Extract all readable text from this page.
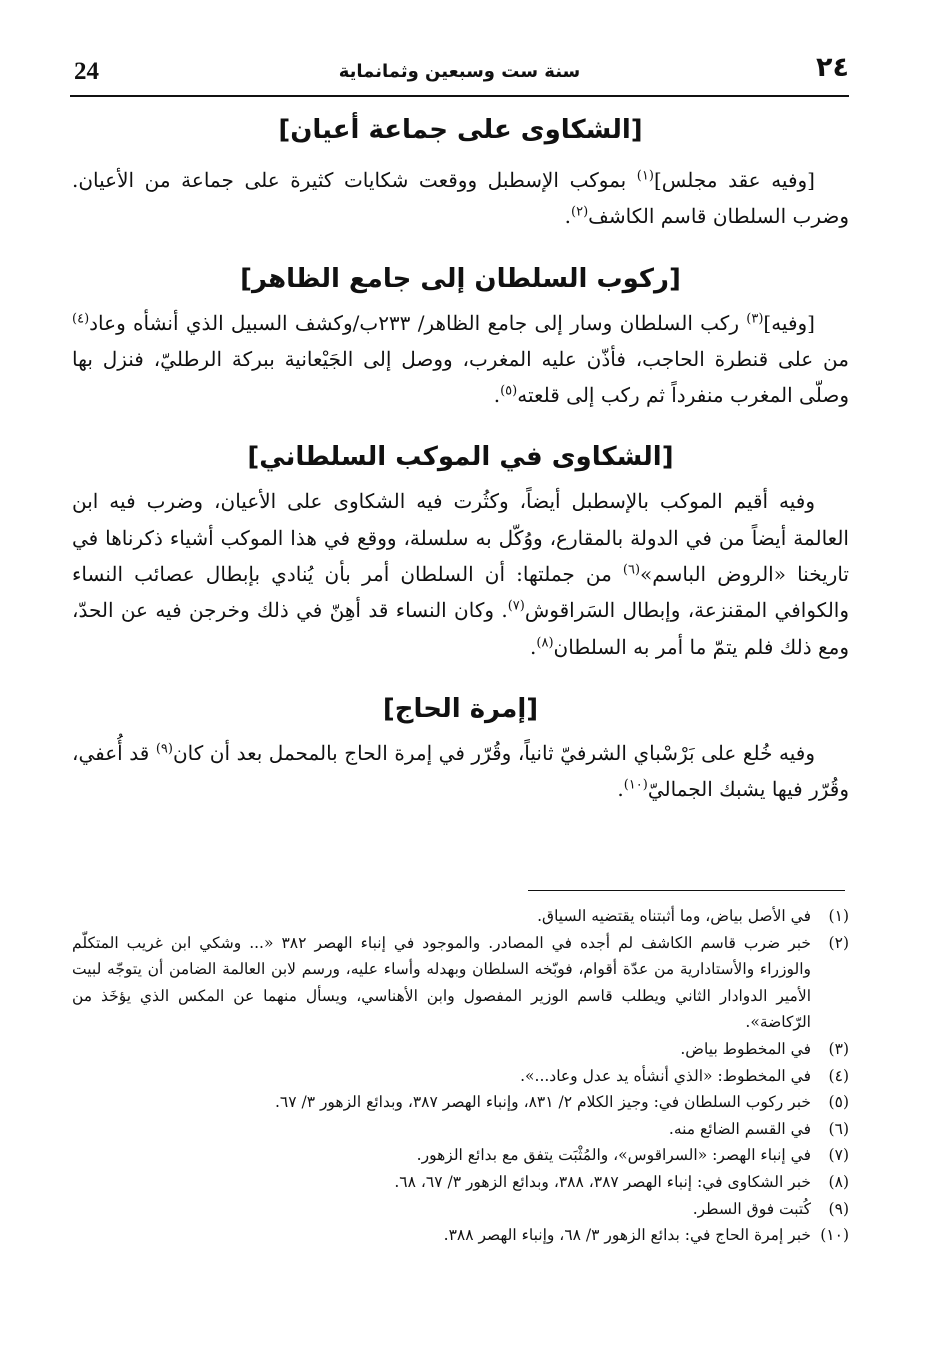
24	سنة ست وسبعين وثمانماية	٢٤
[الشكاوى على جماعة أعيان]

[وفيه عقد مجلس]$^{(١)}$ بموكب الإسطبل ووقعت شكايات كثيرة على جماعة من الأعيان. وضرب السلطان قاسم الكاشف$^{(٢)}$.

[ركوب السلطان إلى جامع الظاهر]

[وفيه]$^{(٣)}$ ركب السلطان وسار إلى جامع الظاهر/ ٢٣٣ب/وكشف السبيل الذي أنشأه وعاد$^{(٤)}$ من على قنطرة الحاجب، فأذّن عليه المغرب، ووصل إلى الجَيْعانية ببركة الرطليّ، فنزل بها وصلّى المغرب منفرداً ثم ركب إلى قلعته$^{(٥)}$.

[الشكاوى في الموكب السلطاني]

وفيه أقيم الموكب بالإسطبل أيضاً، وكثُرت فيه الشكاوى على الأعيان، وضرب فيه ابن العالمة أيضاً من في الدولة بالمقارع، ووُكّل به سلسلة، ووقع في هذا الموكب أشياء ذكرناها في تاريخنا «الروض الباسم»$^{(٦)}$ من جملتها: أن السلطان أمر بأن يُنادي بإبطال عصائب النساء والكوافي المقنزعة، وإبطال السَراقوش$^{(٧)}$. وكان النساء قد أهِنّ في ذلك وخرجن فيه عن الحدّ، ومع ذلك فلم يتمّ ما أمر به السلطان$^{(٨)}$.

[إمرة الحاج]

وفيه خُلع على بَرْسْباي الشرفيّ ثانياً، وقُرّر في إمرة الحاج بالمحمل بعد أن كان$^{(٩)}$ قد أُعفي، وقُرّر فيها يشبك الجماليّ$^{(١٠)}$.

(١)
في الأصل بياض، وما أثبتناه يقتضيه السياق.
(٢)
خبر ضرب قاسم الكاشف لم أجده في المصادر. والموجود في إنباء الهصر ٣٨٢ «... وشكي ابن غريب المتكلّم والوزراء والأستادارية من عدّة أقوام، فوبّخه السلطان وبهدله وأساء عليه، ورسم لابن العالمة الضامن أن يتوجّه لبيت الأمير الدوادار الثاني ويطلب قاسم الوزير المفصول وابن الأهناسي، ويسأل منهما عن المكس الذي يؤخَذ من الرّكاضة».
(٣)
في المخطوط بياض.
(٤)
في المخطوط: «الذي أنشأه يد عدل وعاد...».
(٥)
خبر ركوب السلطان في: وجيز الكلام ٢/ ٨٣١، وإنباء الهصر ٣٨٧، وبدائع الزهور ٣/ ٦٧.
(٦)
في القسم الضائع منه.
(٧)
في إنباء الهصر: «السراقوس»، والمُثْبَت يتفق مع بدائع الزهور.
(٨)
خبر الشكاوى في: إنباء الهصر ٣٨٧، ٣٨٨، وبدائع الزهور ٣/ ٦٧، ٦٨.
(٩)
كُتبت فوق السطر.
(١٠)
خبر إمرة الحاج في: بدائع الزهور ٣/ ٦٨، وإنباء الهصر ٣٨٨.
